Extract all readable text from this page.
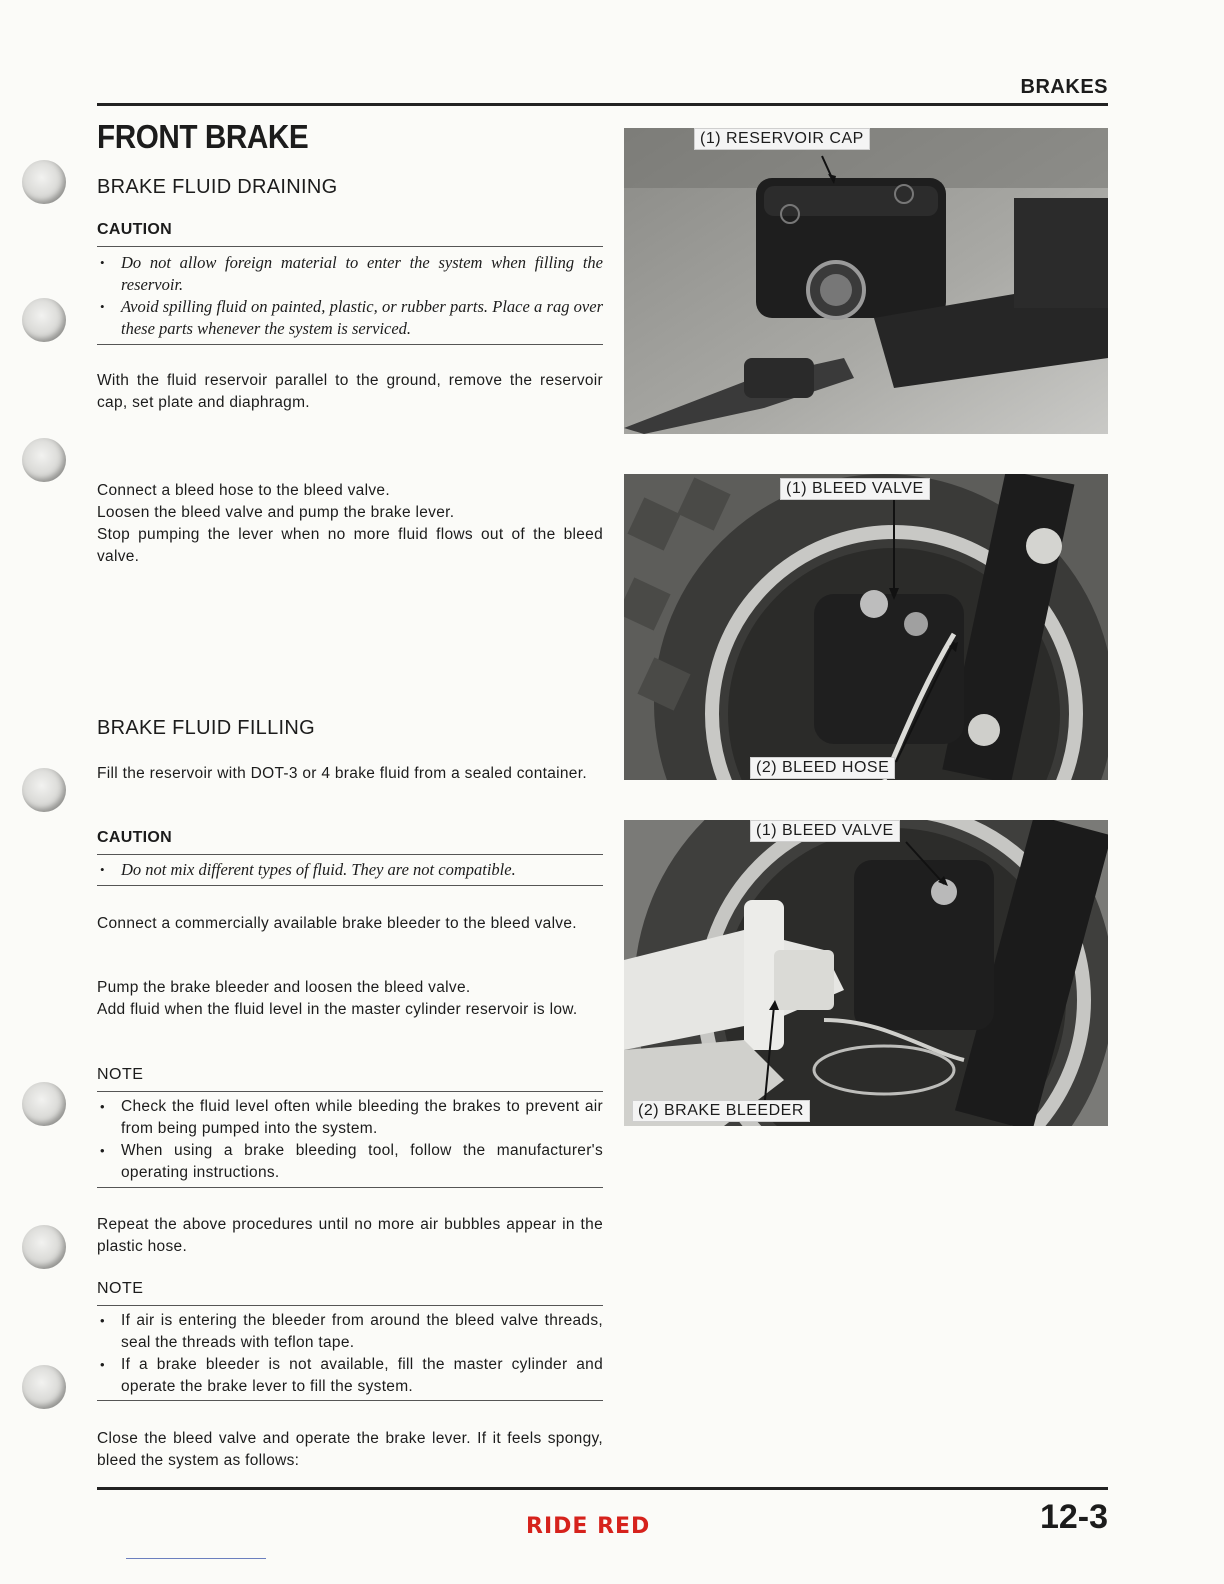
BRAKES
FRONT BRAKE
BRAKE FLUID DRAINING
CAUTION
• Do not allow foreign material to enter the system when filling the reservoir.
• Avoid spilling fluid on painted, plastic, or rubber parts. Place a rag over these parts whenever the system is serviced.
With the fluid reservoir parallel to the ground, remove the reservoir cap, set plate and diaphragm.
Connect a bleed hose to the bleed valve.
Loosen the bleed valve and pump the brake lever.
Stop pumping the lever when no more fluid flows out of the bleed valve.
BRAKE FLUID FILLING
Fill the reservoir with DOT-3 or 4 brake fluid from a sealed container.
CAUTION
• Do not mix different types of fluid. They are not compatible.
Connect a commercially available brake bleeder to the bleed valve.
Pump the brake bleeder and loosen the bleed valve.
Add fluid when the fluid level in the master cylinder reservoir is low.
NOTE
• Check the fluid level often while bleeding the brakes to prevent air from being pumped into the system.
• When using a brake bleeding tool, follow the manufacturer's operating instructions.
Repeat the above procedures until no more air bubbles appear in the plastic hose.
NOTE
• If air is entering the bleeder from around the bleed valve threads, seal the threads with teflon tape.
• If a brake bleeder is not available, fill the master cylinder and operate the brake lever to fill the system.
Close the bleed valve and operate the brake lever. If it feels spongy, bleed the system as follows:
(1) RESERVOIR CAP
(1) BLEED VALVE
(2) BLEED HOSE
(1) BLEED VALVE
(2) BRAKE BLEEDER
RIDE RED	12-3
